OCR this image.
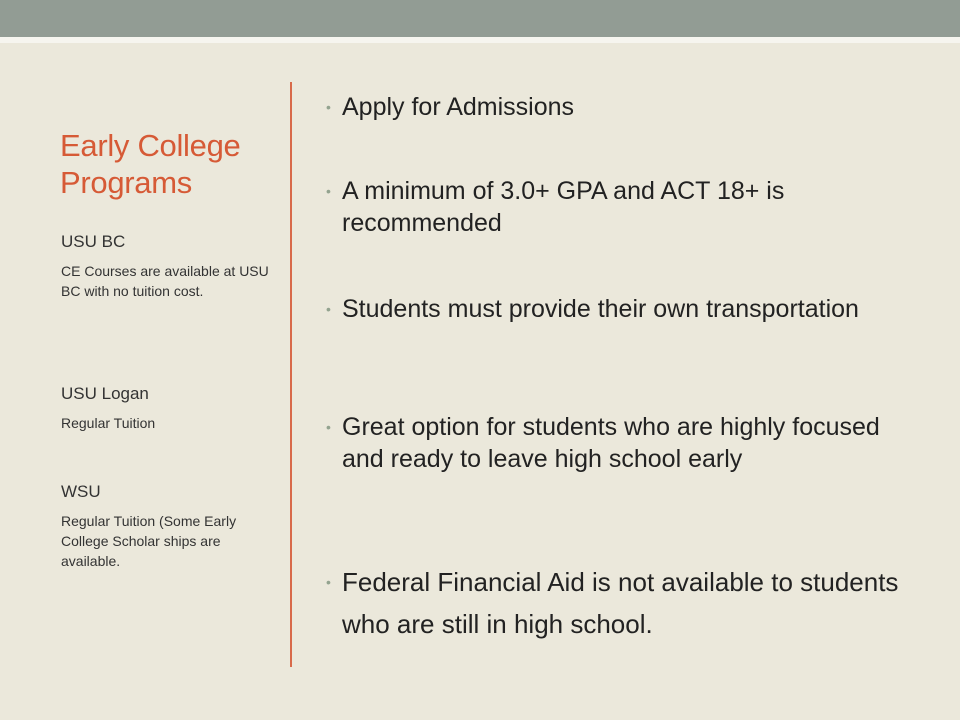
Early College Programs
USU BC
CE Courses are available at USU BC with no tuition cost.
USU Logan
Regular Tuition
WSU
Regular Tuition (Some Early College Scholar ships are available.
• Apply for Admissions
• A minimum of 3.0+ GPA and ACT 18+ is recommended
• Students must provide their own transportation
• Great option for students who are highly focused and ready to leave high school early
• Federal Financial Aid is not available to students who are still in high school.
